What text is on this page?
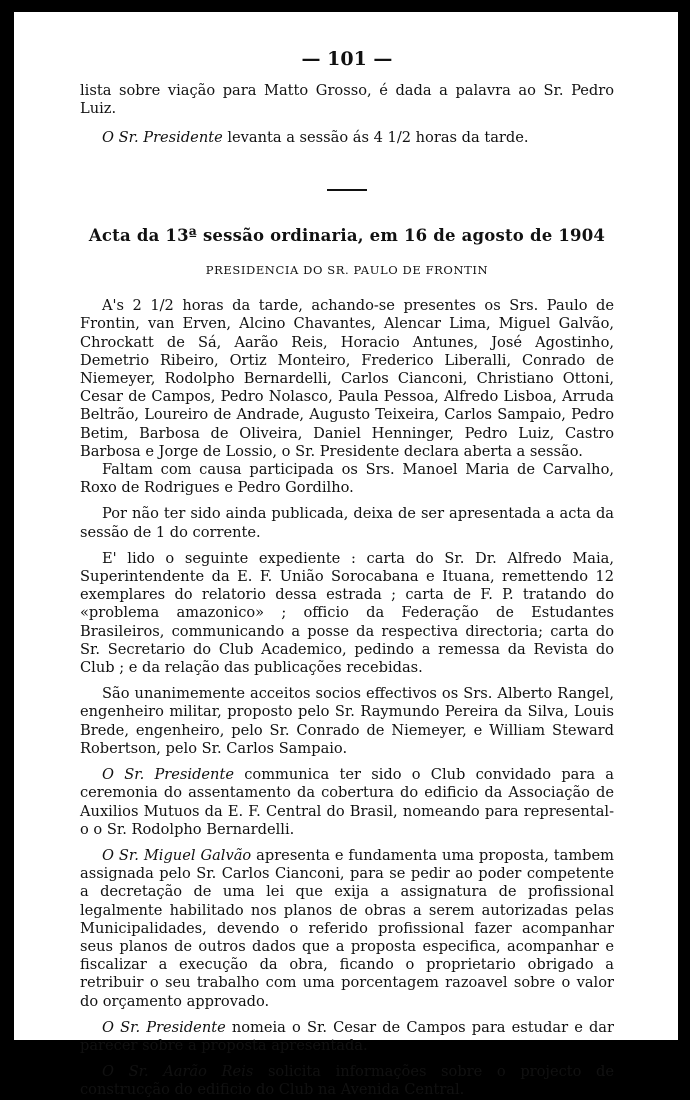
— 101 —

lista sobre viação para Matto Grosso, é dada a palavra ao Sr. Pedro Luiz.

O Sr. Presidente levanta a sessão ás 4 1/2 horas da tarde.

Acta da 13ª sessão ordinaria, em 16 de agosto de 1904
PRESIDENCIA DO SR. PAULO DE FRONTIN

A's 2 1/2 horas da tarde, achando-se presentes os Srs. Paulo de Frontin, van Erven, Alcino Chavantes, Alencar Lima, Miguel Galvão, Chrockatt de Sá, Aarão Reis, Horacio Antunes, José Agostinho, Demetrio Ribeiro, Ortiz Monteiro, Frederico Liberalli, Conrado de Niemeyer, Rodolpho Bernardelli, Carlos Cianconi, Christiano Ottoni, Cesar de Campos, Pedro Nolasco, Paula Pessoa, Alfredo Lisboa, Arruda Beltrão, Loureiro de Andrade, Augusto Teixeira, Carlos Sampaio, Pedro Betim, Barbosa de Oliveira, Daniel Henninger, Pedro Luiz, Castro Barbosa e Jorge de Lossio, o Sr. Presidente declara aberta a sessão.

Faltam com causa participada os Srs. Manoel Maria de Carvalho, Roxo de Rodrigues e Pedro Gordilho.

Por não ter sido ainda publicada, deixa de ser apresentada a acta da sessão de 1 do corrente.

E' lido o seguinte expediente : carta do Sr. Dr. Alfredo Maia, Superintendente da E. F. União Sorocabana e Ituana, remettendo 12 exemplares do relatorio dessa estrada ; carta de F. P. tratando do «problema amazonico» ; officio da Federação de Estudantes Brasileiros, communicando a posse da respectiva directoria; carta do Sr. Secretario do Club Academico, pedindo a remessa da Revista do Club ; e da relação das publicações recebidas.

São unanimemente acceitos socios effectivos os Srs. Alberto Rangel, engenheiro militar, proposto pelo Sr. Raymundo Pereira da Silva, Louis Brede, engenheiro, pelo Sr. Conrado de Niemeyer, e William Steward Robertson, pelo Sr. Carlos Sampaio.

O Sr. Presidente communica ter sido o Club convidado para a ceremonia do assentamento da cobertura do edificio da Associação de Auxilios Mutuos da E. F. Central do Brasil, nomeando para represental-o o Sr. Rodolpho Bernardelli.

O Sr. Miguel Galvão apresenta e fundamenta uma proposta, tambem assignada pelo Sr. Carlos Cianconi, para se pedir ao poder competente a decretação de uma lei que exija a assignatura de profissional legalmente habilitado nos planos de obras a serem autorizadas pelas Municipalidades, devendo o referido profissional fazer acompanhar seus planos de outros dados que a proposta especifica, acompanhar e fiscalizar a execução da obra, ficando o proprietario obrigado a retribuir o seu trabalho com uma porcentagem razoavel sobre o valor do orçamento approvado.

O Sr. Presidente nomeia o Sr. Cesar de Campos para estudar e dar parecer sobre a proposta apresentada.

O Sr. Aarão Reis solicita informações sobre o projecto de construcção do edificio do Club na Avenida Central.
